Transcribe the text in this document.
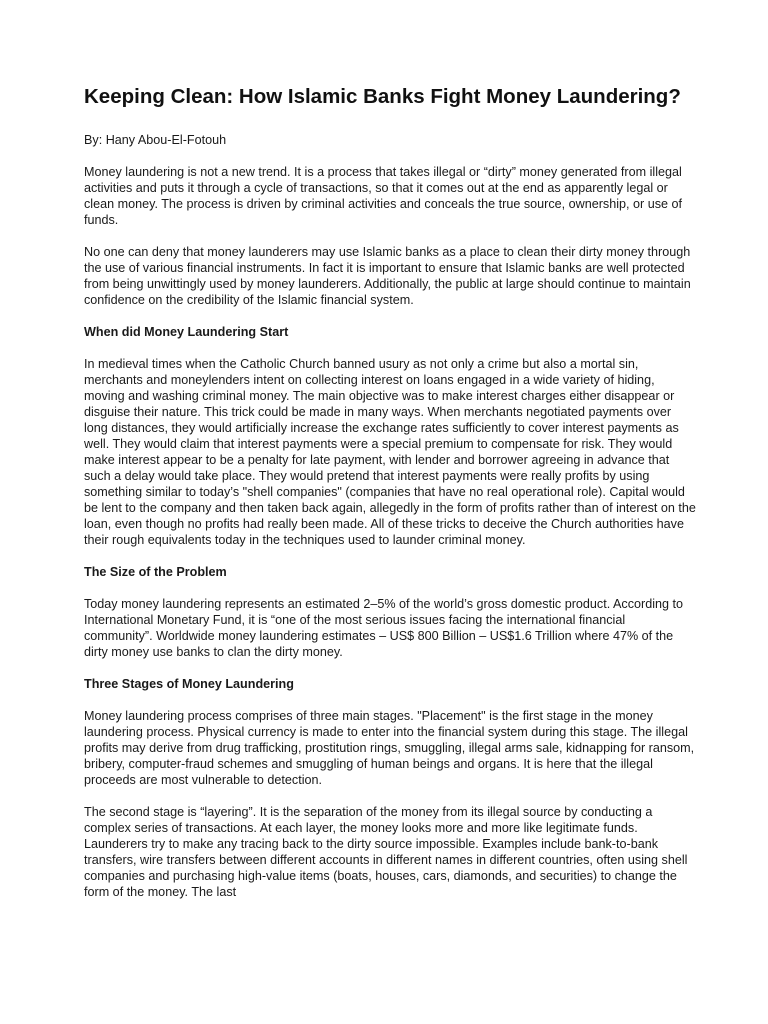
Keeping Clean: How Islamic Banks Fight Money Laundering?

By: Hany Abou-El-Fotouh

Money laundering is not a new trend. It is a process that takes illegal or “dirty” money generated from illegal activities and puts it through a cycle of transactions, so that it comes out at the end as apparently legal or clean money. The process is driven by criminal activities and conceals the true source, ownership, or use of funds.

No one can deny that money launderers may use Islamic banks as a place to clean their dirty money through the use of various financial instruments. In fact it is important to ensure that Islamic banks are well protected from being unwittingly used by money launderers. Additionally, the public at large should continue to maintain confidence on the credibility of the Islamic financial system.

When did Money Laundering Start

In medieval times when the Catholic Church banned usury as not only a crime but also a mortal sin, merchants and moneylenders intent on collecting interest on loans engaged in a wide variety of hiding, moving and washing criminal money. The main objective was to make interest charges either disappear or disguise their nature. This trick could be made in many ways. When merchants negotiated payments over long distances, they would artificially increase the exchange rates sufficiently to cover interest payments as well. They would claim that interest payments were a special premium to compensate for risk. They would make interest appear to be a penalty for late payment, with lender and borrower agreeing in advance that such a delay would take place. They would pretend that interest payments were really profits by using something similar to today’s "shell companies" (companies that have no real operational role). Capital would be lent to the company and then taken back again, allegedly in the form of profits rather than of interest on the loan, even though no profits had really been made. All of these tricks to deceive the Church authorities have their rough equivalents today in the techniques used to launder criminal money.

The Size of the Problem

Today money laundering represents an estimated 2–5% of the world’s gross domestic product. According to International Monetary Fund, it is “one of the most serious issues facing the international financial community”. Worldwide money laundering estimates – US$ 800 Billion – US$1.6 Trillion where 47% of the dirty money use banks to clan the dirty money.

Three Stages of Money Laundering

Money laundering process comprises of three main stages. "Placement" is the first stage in the money laundering process. Physical currency is made to enter into the financial system during this stage. The illegal profits may derive from drug trafficking, prostitution rings, smuggling, illegal arms sale, kidnapping for ransom, bribery, computer-fraud schemes and smuggling of human beings and organs. It is here that the illegal proceeds are most vulnerable to detection.

The second stage is “layering”. It is the separation of the money from its illegal source by conducting a complex series of transactions. At each layer, the money looks more and more like legitimate funds. Launderers try to make any tracing back to the dirty source impossible. Examples include bank-to-bank transfers, wire transfers between different accounts in different names in different countries, often using shell companies and purchasing high-value items (boats, houses, cars, diamonds, and securities) to change the form of the money. The last
